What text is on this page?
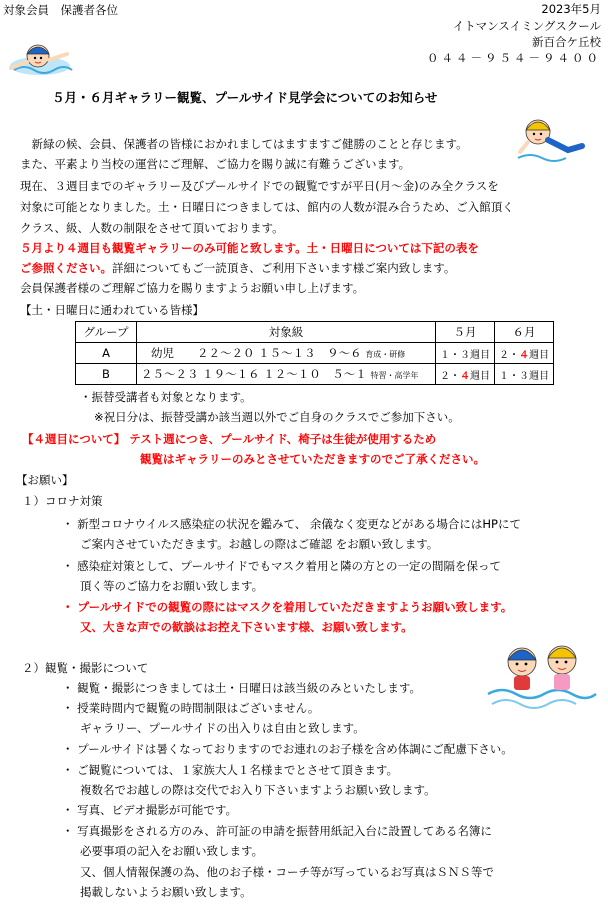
対象会員　保護者各位	2023年5月
イトマンスイミングスクール
新百合ケ丘校
０４４－９５４－９４００
５月・６月ギャラリー観覧、プールサイド見学会についてのお知らせ
　新緑の候、会員、保護者の皆様におかれましてはますますご健勝のことと存じます。
また、平素より当校の運営にご理解、ご協力を賜り誠に有難うございます。
現在、３週目までのギャラリー及びプールサイドでの観覧ですが平日(月～金)のみ全クラスを
対象に可能となりました。土・日曜日につきましては、館内の人数が混み合うため、ご入館頂く
クラス、級、人数の制限をさせて頂いております。
５月より４週目も観覧ギャラリーのみ可能と致します。土・日曜日については下記の表を
ご参照ください。詳細についてもご一読頂き、ご利用下さいます様ご案内致します。
会員保護者様のご理解ご協力を賜りますようお願い申し上げます。
【土・日曜日に通われている皆様】
グループ	対象級	５月	６月
A	幼児　　２２～２０ １５～１３　９～６ 育成・研修	１・３週目	２・４週目
B	２５～２３ １９～１６ １２～１０　５～１ 特習・高学年	２・４週目	１・３週目
・振替受講者も対象となります。
※祝日分は、振替受講か該当週以外でご自身のクラスでご参加下さい。
【４週目について】 テスト週につき、プールサイド、椅子は生徒が使用するため
観覧はギャラリーのみとさせていただきますのでご了承ください。
【お願い】
１）コロナ対策
・ 新型コロナウイルス感染症の状況を鑑みて、 余儀なく変更などがある場合にはHPにて
ご案内させていただきます。お越しの際はご確認 をお願い致します。
・ 感染症対策として、プールサイドでもマスク着用と隣の方との一定の間隔を保って
頂く等のご協力をお願い致します。
・ プールサイドでの観覧の際にはマスクを着用していただきますようお願い致します。
又、大きな声での歓談はお控え下さいます様、お願い致します。
２）観覧・撮影について
・ 観覧・撮影につきましては土・日曜日は該当級のみといたします。
・ 授業時間内で観覧の時間制限はございません。
ギャラリー、プールサイドの出入りは自由と致します。
・ プールサイドは暑くなっておりますのでお連れのお子様を含め体調にご配慮下さい。
・ ご観覧については、１家族大人１名様までとさせて頂きます。
複数名でお越しの際は交代でお入り下さいますようお願い致します。
・ 写真、ビデオ撮影が可能です。
・ 写真撮影をされる方のみ、許可証の申請を振替用紙記入台に設置してある名簿に
必要事項の記入をお願い致します。
又、個人情報保護の為、他のお子様・コーチ等が写っているお写真はＳＮＳ等で
掲載しないようお願い致します。
